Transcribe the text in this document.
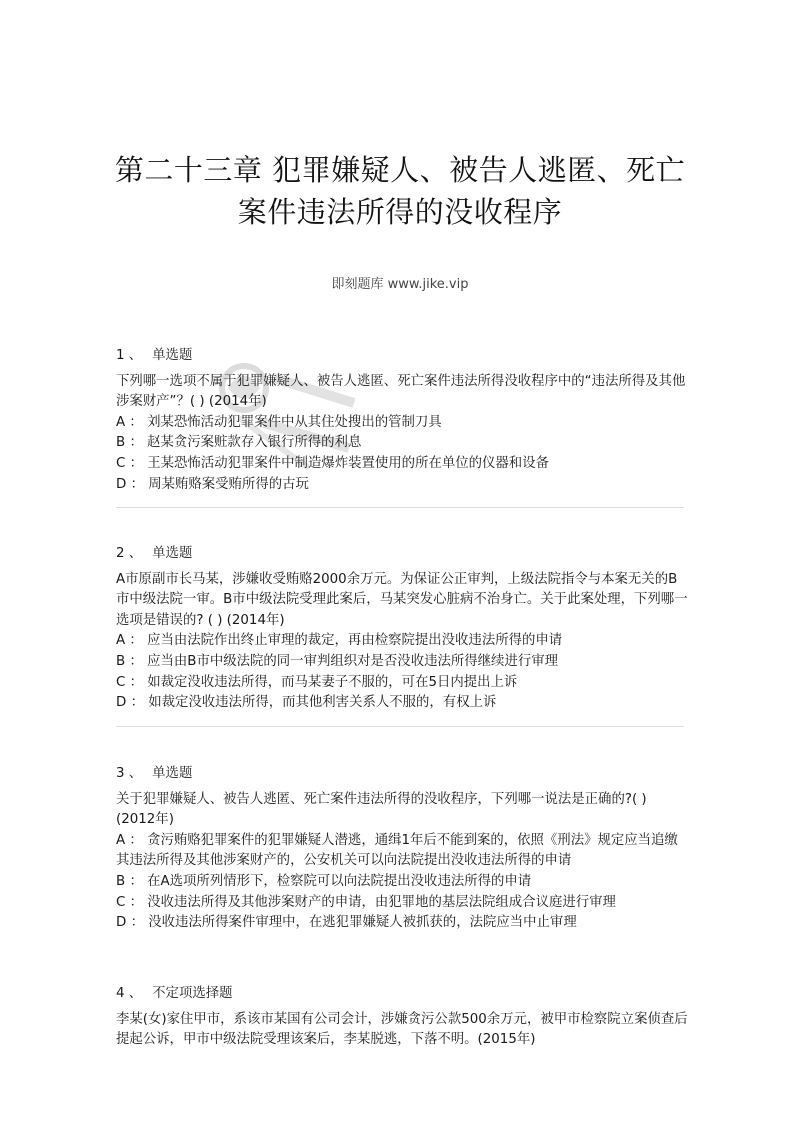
第二十三章 犯罪嫌疑人、被告人逃匿、死亡
案件违法所得的没收程序
即刻题库 www.jike.vip
1 、 单选题
下列哪一选项不属于犯罪嫌疑人、被告人逃匿、死亡案件违法所得没收程序中的“违法所得及其他涉案财产”？( ) (2014年)
A ： 刘某恐怖活动犯罪案件中从其住处搜出的管制刀具
B ： 赵某贪污案赃款存入银行所得的利息
C ： 王某恐怖活动犯罪案件中制造爆炸装置使用的所在单位的仪器和设备
D ： 周某贿赂案受贿所得的古玩
2 、 单选题
A市原副市长马某，涉嫌收受贿赂2000余万元。为保证公正审判，上级法院指令与本案无关的B市中级法院一审。B市中级法院受理此案后，马某突发心脏病不治身亡。关于此案处理，下列哪一选项是错误的? ( ) (2014年)
A ： 应当由法院作出终止审理的裁定，再由检察院提出没收违法所得的申请
B ： 应当由B市中级法院的同一审判组织对是否没收违法所得继续进行审理
C ： 如裁定没收违法所得，而马某妻子不服的，可在5日内提出上诉
D ： 如裁定没收违法所得，而其他利害关系人不服的，有权上诉
3 、 单选题
关于犯罪嫌疑人、被告人逃匿、死亡案件违法所得的没收程序，下列哪一说法是正确的?( ) (2012年)
A ： 贪污贿赂犯罪案件的犯罪嫌疑人潜逃，通缉1年后不能到案的，依照《刑法》规定应当追缴其违法所得及其他涉案财产的，公安机关可以向法院提出没收违法所得的申请
B ： 在A选项所列情形下，检察院可以向法院提出没收违法所得的申请
C ： 没收违法所得及其他涉案财产的申请，由犯罪地的基层法院组成合议庭进行审理
D ： 没收违法所得案件审理中，在逃犯罪嫌疑人被抓获的，法院应当中止审理
4 、 不定项选择题
李某(女)家住甲市，系该市某国有公司会计，涉嫌贪污公款500余万元，被甲市检察院立案侦查后提起公诉，甲市中级法院受理该案后，李某脱逃，下落不明。(2015年)
